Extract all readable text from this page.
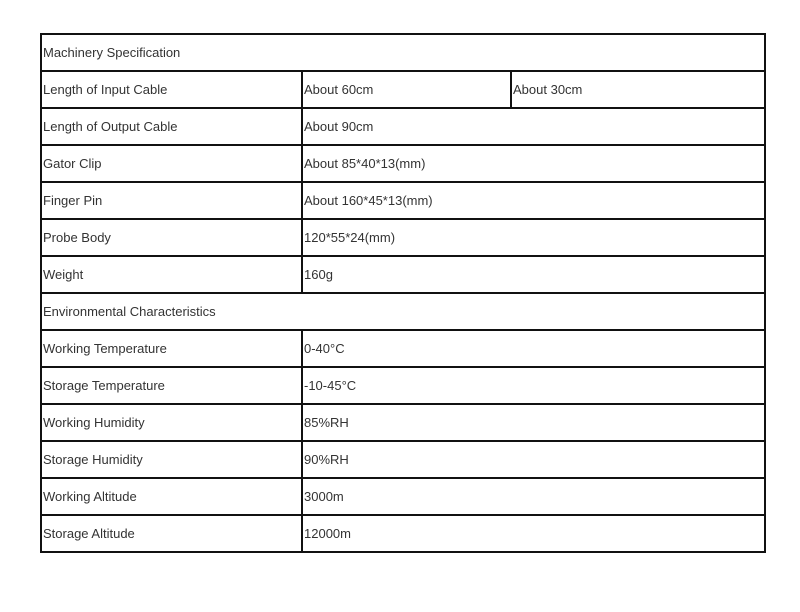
Machinery Specification		
Length of Input Cable	About 60cm	About 30cm
Length of Output Cable	About 90cm	
Gator Clip	About 85*40*13(mm)	
Finger Pin	About 160*45*13(mm)	
Probe Body	120*55*24(mm)	
Weight	160g	
Environmental Characteristics		
Working Temperature	0-40°C	
Storage Temperature	-10-45°C	
Working Humidity	85%RH	
Storage Humidity	90%RH	
Working Altitude	3000m	
Storage Altitude	12000m	
